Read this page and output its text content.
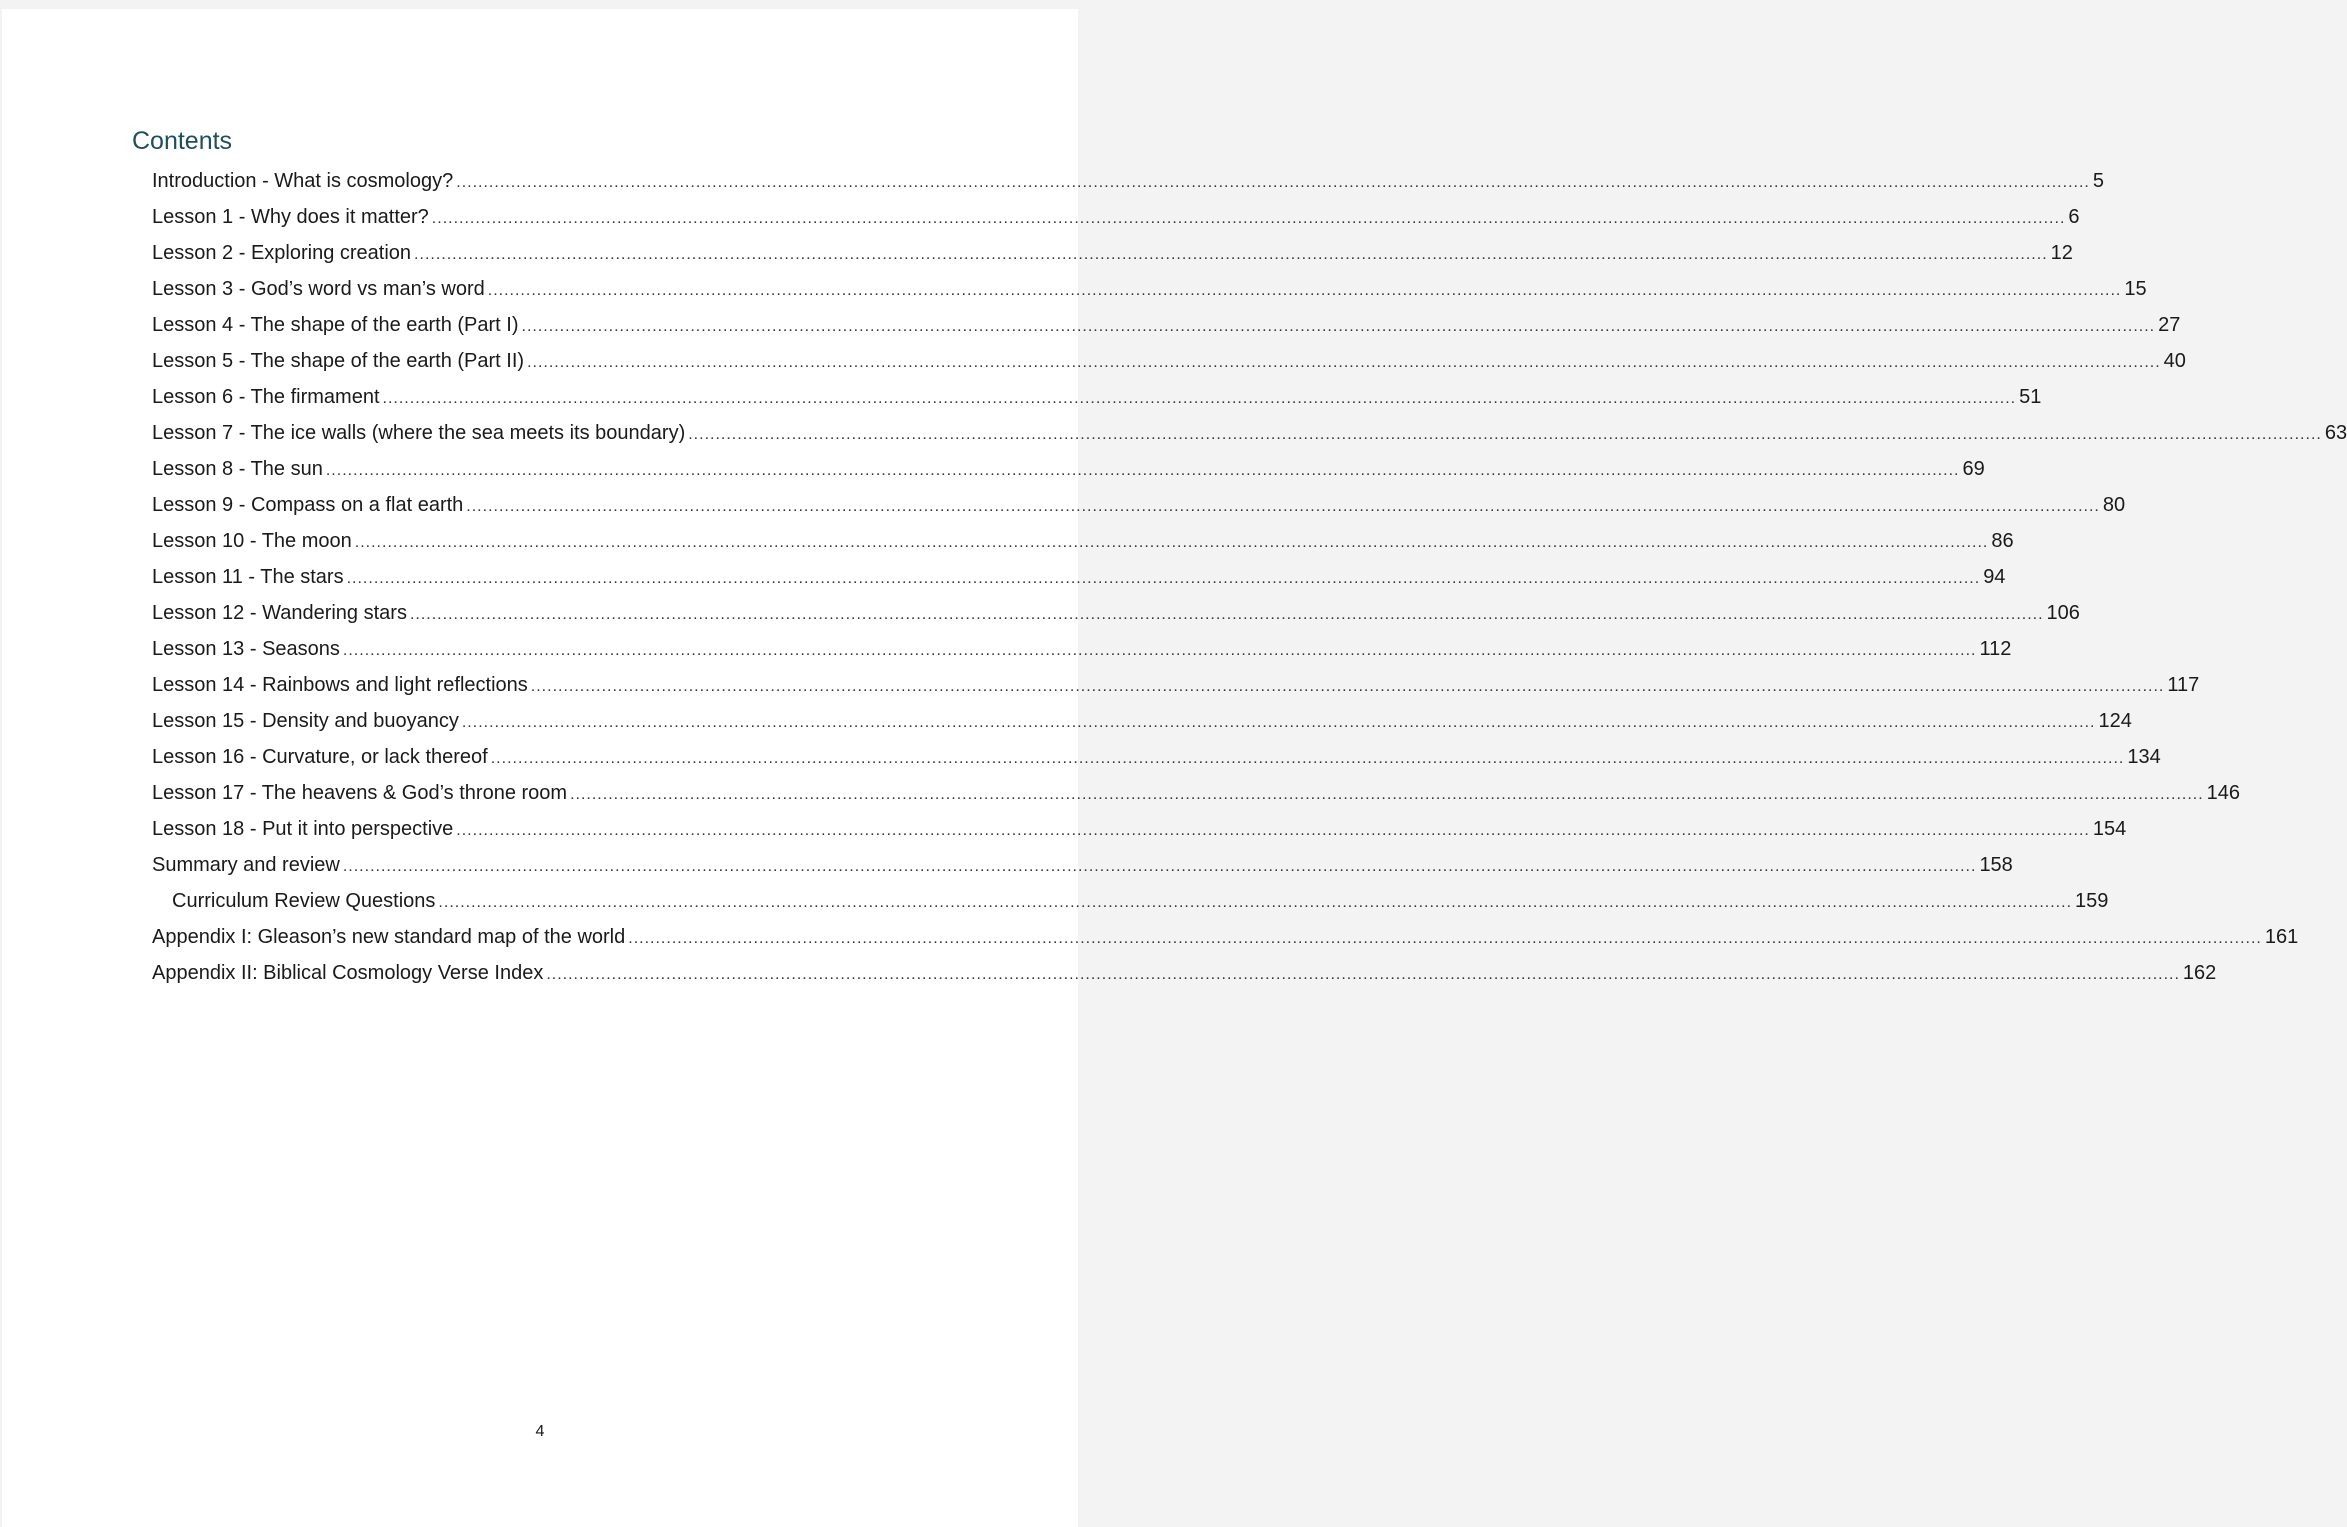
Contents
Introduction - What is cosmology? ............................................................................................................................................................................................................................................................................................................ 5
Lesson 1 - Why does it matter? ............................................................................................................................................................................................................................................................................................................ 6
Lesson 2 - Exploring creation ............................................................................................................................................................................................................................................................................................................ 12
Lesson 3 - God’s word vs man’s word ............................................................................................................................................................................................................................................................................................................ 15
Lesson 4 - The shape of the earth (Part I) ............................................................................................................................................................................................................................................................................................................ 27
Lesson 5 - The shape of the earth (Part II) ............................................................................................................................................................................................................................................................................................................ 40
Lesson 6 - The firmament ............................................................................................................................................................................................................................................................................................................ 51
Lesson 7 - The ice walls (where the sea meets its boundary) ............................................................................................................................................................................................................................................................................................................ 63
Lesson 8 - The sun ............................................................................................................................................................................................................................................................................................................ 69
Lesson 9 - Compass on a flat earth ............................................................................................................................................................................................................................................................................................................ 80
Lesson 10 - The moon ............................................................................................................................................................................................................................................................................................................ 86
Lesson 11 - The stars ............................................................................................................................................................................................................................................................................................................ 94
Lesson 12 - Wandering stars ............................................................................................................................................................................................................................................................................................................ 106
Lesson 13 - Seasons ............................................................................................................................................................................................................................................................................................................ 112
Lesson 14 - Rainbows and light reflections ............................................................................................................................................................................................................................................................................................................ 117
Lesson 15 - Density and buoyancy ............................................................................................................................................................................................................................................................................................................ 124
Lesson 16 - Curvature, or lack thereof ............................................................................................................................................................................................................................................................................................................ 134
Lesson 17 - The heavens & God’s throne room ............................................................................................................................................................................................................................................................................................................ 146
Lesson 18 - Put it into perspective ............................................................................................................................................................................................................................................................................................................ 154
Summary and review ............................................................................................................................................................................................................................................................................................................ 158
Curriculum Review Questions ............................................................................................................................................................................................................................................................................................................ 159
Appendix I: Gleason’s new standard map of the world ............................................................................................................................................................................................................................................................................................................ 161
Appendix II: Biblical Cosmology Verse Index ............................................................................................................................................................................................................................................................................................................ 162
4
